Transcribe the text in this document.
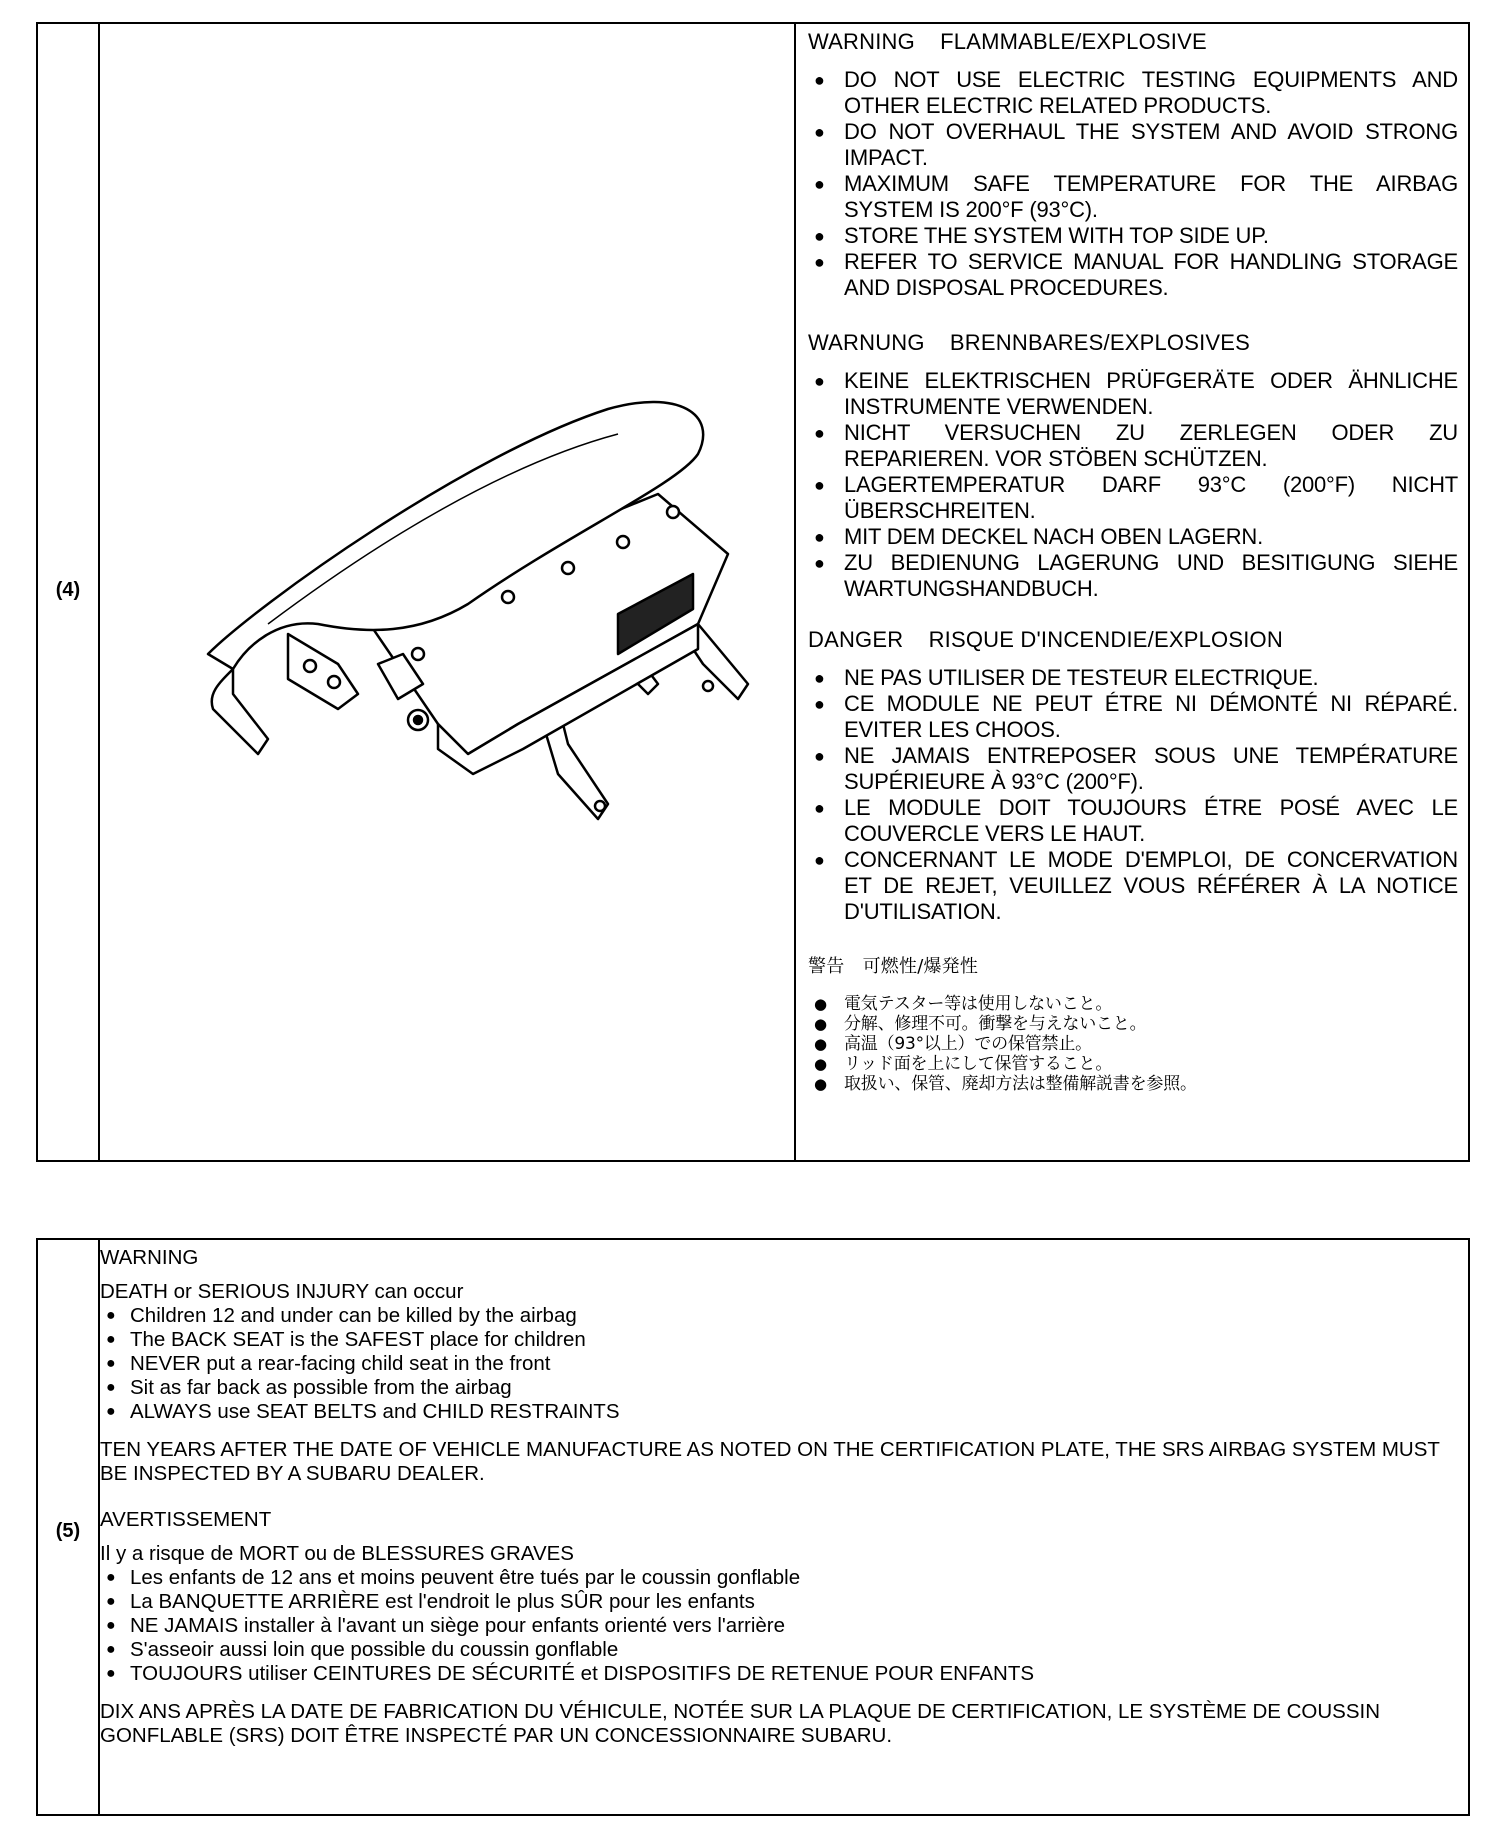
(4)
WARNING    FLAMMABLE/EXPLOSIVE
● DO NOT USE ELECTRIC TESTING EQUIPMENTS AND OTHER ELECTRIC RELATED PRODUCTS.
● DO NOT OVERHAUL THE SYSTEM AND AVOID STRONG IMPACT.
● MAXIMUM SAFE TEMPERATURE FOR THE AIRBAG SYSTEM IS 200°F (93°C).
● STORE THE SYSTEM WITH TOP SIDE UP.
● REFER TO SERVICE MANUAL FOR HANDLING STORAGE AND DISPOSAL PROCEDURES.
WARNUNG    BRENNBARES/EXPLOSIVES
● KEINE ELEKTRISCHEN PRÜFGERÄTE ODER ÄHNLICHE INSTRUMENTE VERWENDEN.
● NICHT VERSUCHEN ZU ZERLEGEN ODER ZU REPARIEREN. VOR STÖBEN SCHÜTZEN.
● LAGERTEMPERATUR DARF 93°C (200°F) NICHT ÜBERSCHREITEN.
● MIT DEM DECKEL NACH OBEN LAGERN.
● ZU BEDIENUNG LAGERUNG UND BESITIGUNG SIEHE WARTUNGSHANDBUCH.
DANGER    RISQUE D'INCENDIE/EXPLOSION
● NE PAS UTILISER DE TESTEUR ELECTRIQUE.
● CE MODULE NE PEUT ÉTRE NI DÉMONTÉ NI RÉPARÉ. EVITER LES CHOOS.
● NE JAMAIS ENTREPOSER SOUS UNE TEMPÉRATURE SUPÉRIEURE À 93°C (200°F).
● LE MODULE DOIT TOUJOURS ÉTRE POSÉ AVEC LE COUVERCLE VERS LE HAUT.
● CONCERNANT LE MODE D'EMPLOI, DE CONCERVATION ET DE REJET, VEUILLEZ VOUS RÉFÉRER À LA NOTICE D'UTILISATION.
警告　可燃性/爆発性
● 電気テスター等は使用しないこと。
● 分解、修理不可。衝撃を与えないこと。
● 高温（93°以上）での保管禁止。
● リッド面を上にして保管すること。
● 取扱い、保管、廃却方法は整備解説書を参照。
(5)
WARNING
DEATH or SERIOUS INJURY can occur
● Children 12 and under can be killed by the airbag
● The BACK SEAT is the SAFEST place for children
● NEVER put a rear-facing child seat in the front
● Sit as far back as possible from the airbag
● ALWAYS use SEAT BELTS and CHILD RESTRAINTS
TEN YEARS AFTER THE DATE OF VEHICLE MANUFACTURE AS NOTED ON THE CERTIFICATION PLATE, THE SRS AIRBAG SYSTEM MUST BE INSPECTED BY A SUBARU DEALER.
AVERTISSEMENT
Il y a risque de MORT ou de BLESSURES GRAVES
● Les enfants de 12 ans et moins peuvent être tués par le coussin gonflable
● La BANQUETTE ARRIÈRE est l'endroit le plus SÛR pour les enfants
● NE JAMAIS installer à l'avant un siège pour enfants orienté vers l'arrière
● S'asseoir aussi loin que possible du coussin gonflable
● TOUJOURS utiliser CEINTURES DE SÉCURITÉ et DISPOSITIFS DE RETENUE POUR ENFANTS
DIX ANS APRÈS LA DATE DE FABRICATION DU VÉHICULE, NOTÉE SUR LA PLAQUE DE CERTIFICATION, LE SYSTÈME DE COUSSIN GONFLABLE (SRS) DOIT ÊTRE INSPECTÉ PAR UN CONCESSIONNAIRE SUBARU.
